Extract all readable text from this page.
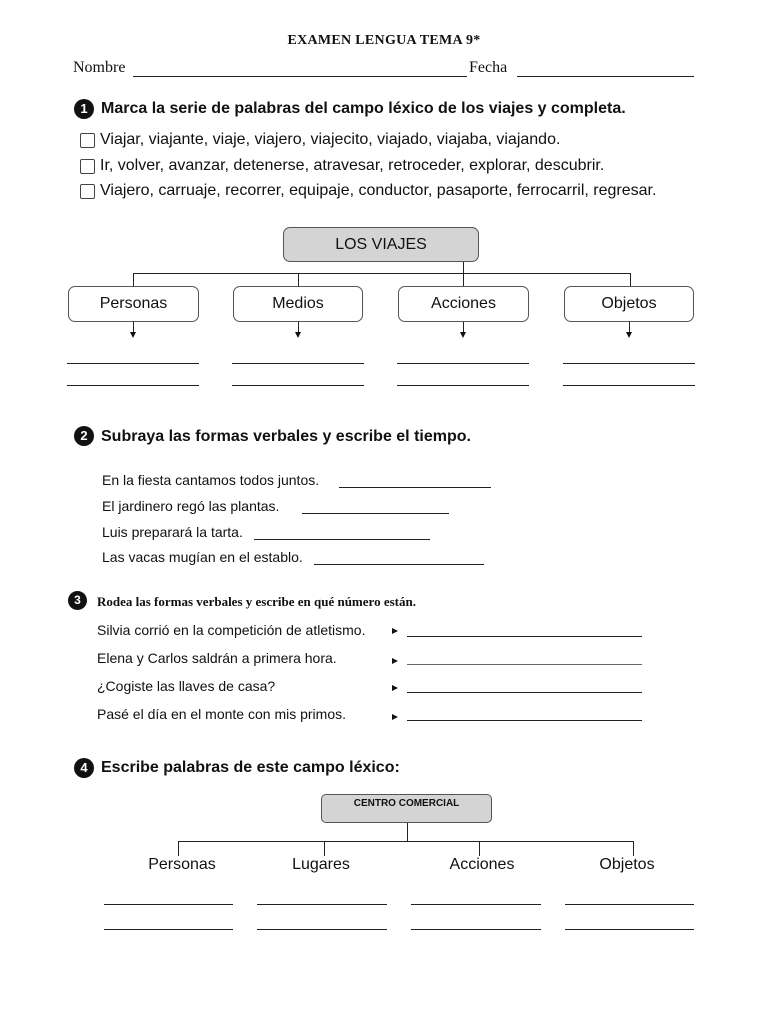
EXAMEN LENGUA TEMA 9*
Nombre	Fecha
1 Marca la serie de palabras del campo léxico de los viajes y completa.
Viajar, viajante, viaje, viajero, viajecito, viajado, viajaba, viajando.
Ir, volver, avanzar, detenerse, atravesar, retroceder, explorar, descubrir.
Viajero, carruaje, recorrer, equipaje, conductor, pasaporte, ferrocarril, regresar.
LOS VIAJES
Personas	Medios	Acciones	Objetos
2 Subraya las formas verbales y escribe el tiempo.
En la fiesta cantamos todos juntos.
El jardinero regó las plantas.
Luis preparará la tarta.
Las vacas mugían en el establo.
3	Rodea las formas verbales y escribe en qué número están.
Silvia corrió en la competición de atletismo.
Elena y Carlos saldrán a primera hora.
¿Cogiste las llaves de casa?
Pasé el día en el monte con mis primos.
4 Escribe palabras de este campo léxico:
CENTRO COMERCIAL
Personas	Lugares	Acciones	Objetos
